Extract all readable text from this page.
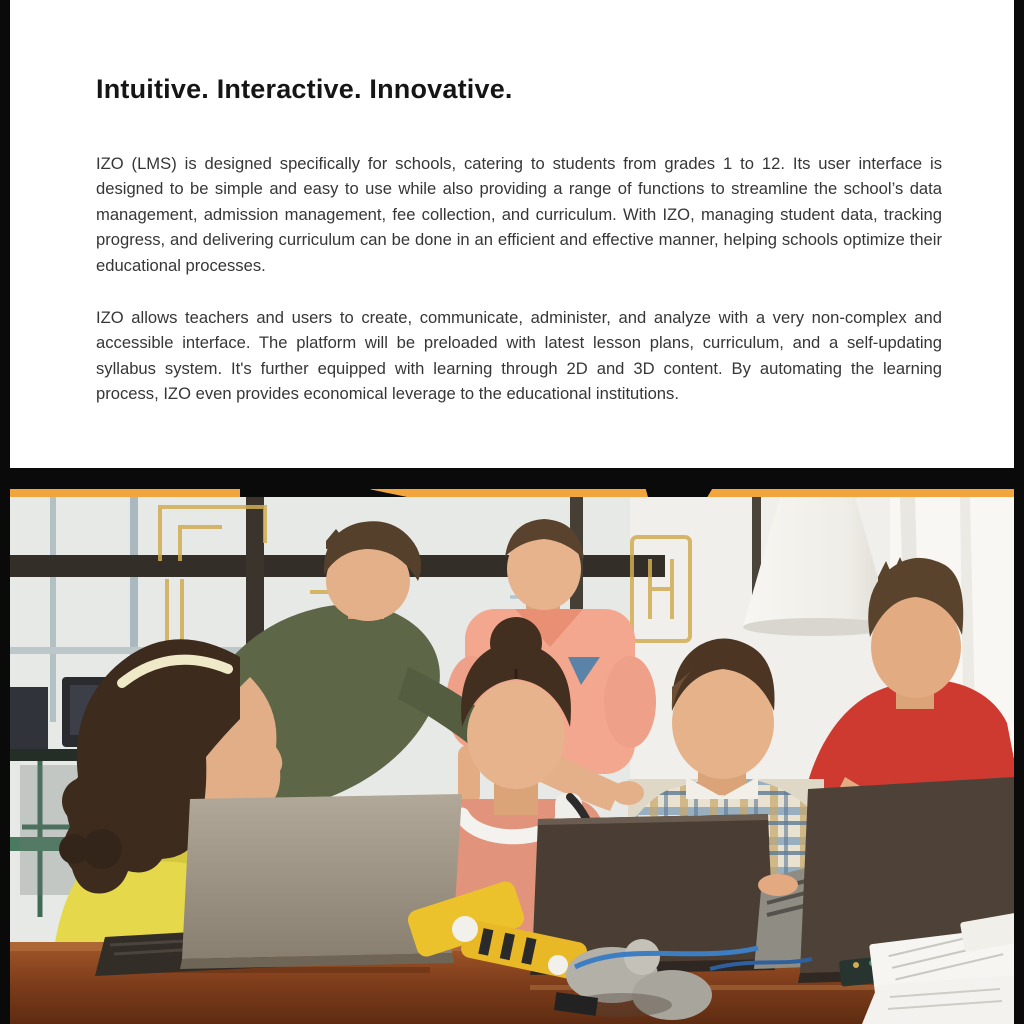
Intuitive. Interactive. Innovative.

IZO (LMS) is designed specifically for schools, catering to students from grades 1 to 12. Its user interface is designed to be simple and easy to use while also providing a range of functions to streamline the school’s data management, admission management, fee collection, and curriculum. With IZO, managing student data, tracking progress, and delivering curriculum can be done in an efficient and effective manner, helping schools optimize their educational processes.

IZO allows teachers and users to create, communicate, administer, and analyze with a very non-complex and accessible interface. The platform will be preloaded with latest lesson plans, curriculum, and a self-updating syllabus system. It's further equipped with learning through 2D and 3D content. By automating the learning process, IZO even provides economical leverage to the educational institutions.
